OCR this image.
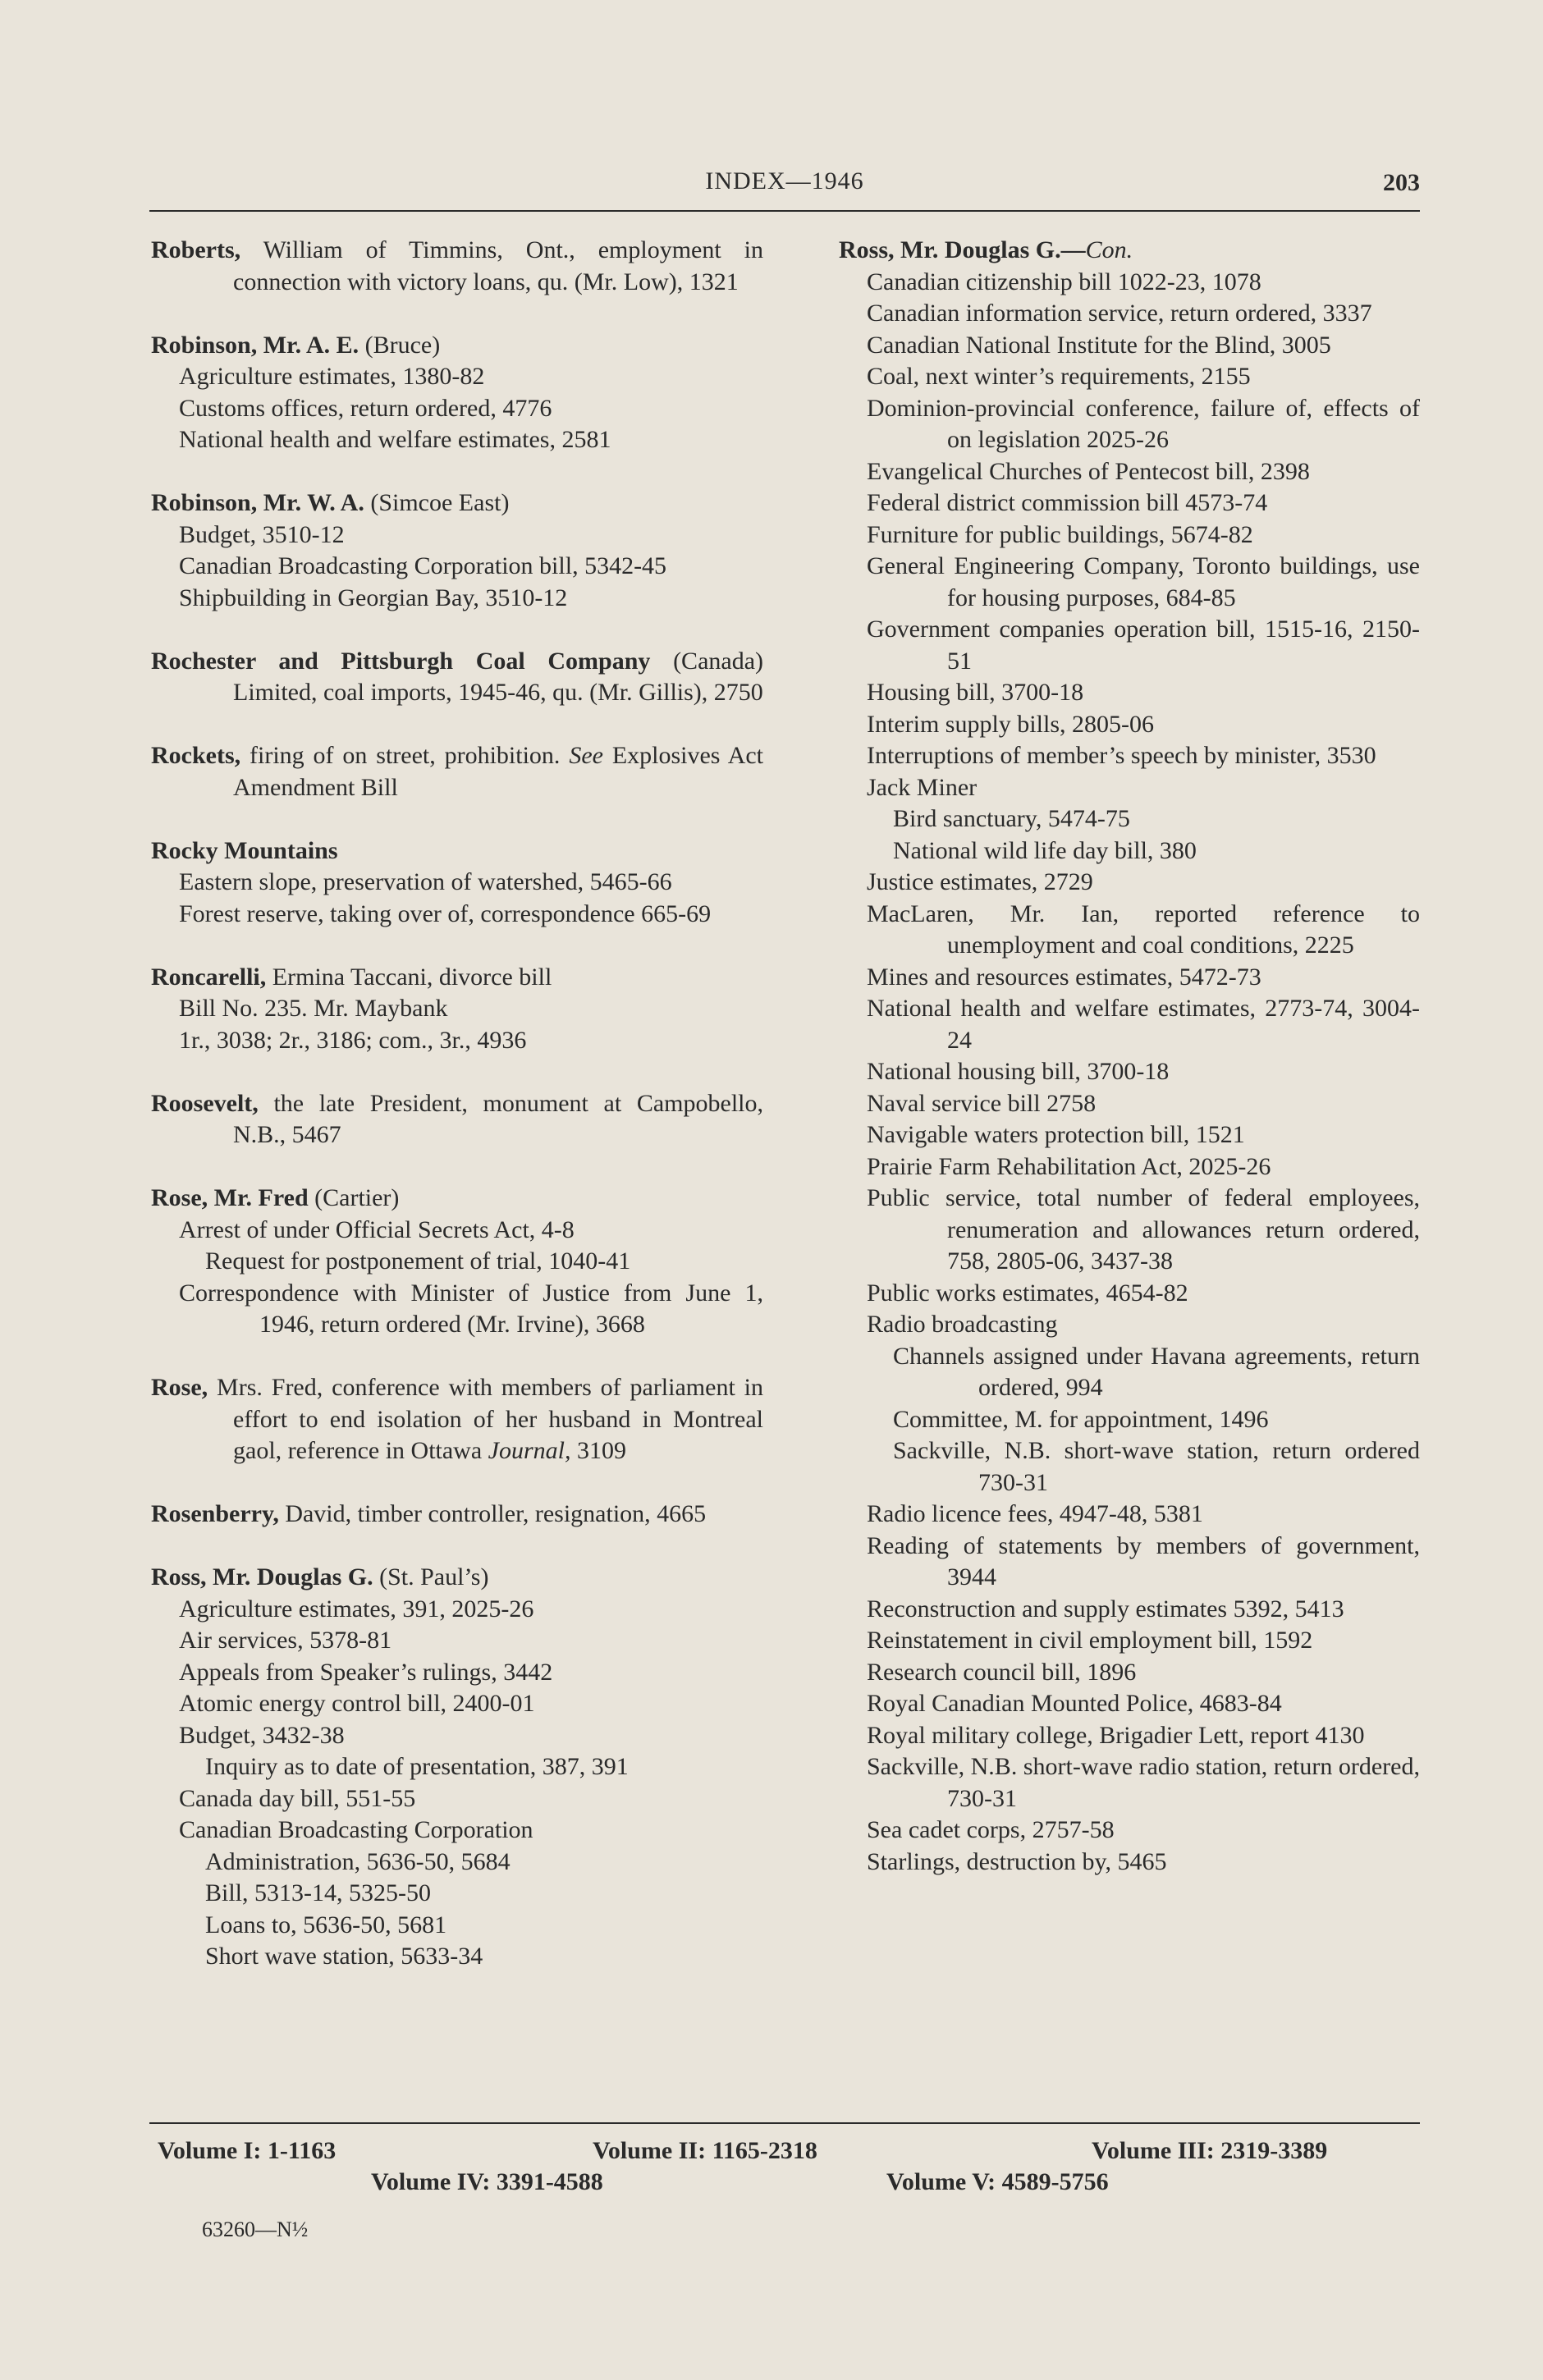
INDEX—1946	203
Roberts, William of Timmins, Ont., employment in connection with victory loans, qu. (Mr. Low), 1321
Robinson, Mr. A. E. (Bruce)
Agriculture estimates, 1380-82
Customs offices, return ordered, 4776
National health and welfare estimates, 2581
Robinson, Mr. W. A. (Simcoe East)
Budget, 3510-12
Canadian Broadcasting Corporation bill, 5342-45
Shipbuilding in Georgian Bay, 3510-12
Rochester and Pittsburgh Coal Company (Canada) Limited, coal imports, 1945-46, qu. (Mr. Gillis), 2750
Rockets, firing of on street, prohibition. See Explosives Act Amendment Bill
Rocky Mountains
Eastern slope, preservation of watershed, 5465-66
Forest reserve, taking over of, correspondence 665-69
Roncarelli, Ermina Taccani, divorce bill
Bill No. 235. Mr. Maybank
1r., 3038; 2r., 3186; com., 3r., 4936
Roosevelt, the late President, monument at Campobello, N.B., 5467
Rose, Mr. Fred (Cartier)
Arrest of under Official Secrets Act, 4-8
Request for postponement of trial, 1040-41
Correspondence with Minister of Justice from June 1, 1946, return ordered (Mr. Irvine), 3668
Rose, Mrs. Fred, conference with members of parliament in effort to end isolation of her husband in Montreal gaol, reference in Ottawa Journal, 3109
Rosenberry, David, timber controller, resignation, 4665
Ross, Mr. Douglas G. (St. Paul’s)
Agriculture estimates, 391, 2025-26
Air services, 5378-81
Appeals from Speaker’s rulings, 3442
Atomic energy control bill, 2400-01
Budget, 3432-38
Inquiry as to date of presentation, 387, 391
Canada day bill, 551-55
Canadian Broadcasting Corporation
Administration, 5636-50, 5684
Bill, 5313-14, 5325-50
Loans to, 5636-50, 5681
Short wave station, 5633-34
Ross, Mr. Douglas G.—Con.
Canadian citizenship bill 1022-23, 1078
Canadian information service, return ordered, 3337
Canadian National Institute for the Blind, 3005
Coal, next winter’s requirements, 2155
Dominion-provincial conference, failure of, effects of on legislation 2025-26
Evangelical Churches of Pentecost bill, 2398
Federal district commission bill 4573-74
Furniture for public buildings, 5674-82
General Engineering Company, Toronto buildings, use for housing purposes, 684-85
Government companies operation bill, 1515-16, 2150-51
Housing bill, 3700-18
Interim supply bills, 2805-06
Interruptions of member’s speech by minister, 3530
Jack Miner
Bird sanctuary, 5474-75
National wild life day bill, 380
Justice estimates, 2729
MacLaren, Mr. Ian, reported reference to unemployment and coal conditions, 2225
Mines and resources estimates, 5472-73
National health and welfare estimates, 2773-74, 3004-24
National housing bill, 3700-18
Naval service bill 2758
Navigable waters protection bill, 1521
Prairie Farm Rehabilitation Act, 2025-26
Public service, total number of federal employees, renumeration and allowances return ordered, 758, 2805-06, 3437-38
Public works estimates, 4654-82
Radio broadcasting
Channels assigned under Havana agreements, return ordered, 994
Committee, M. for appointment, 1496
Sackville, N.B. short-wave station, return ordered 730-31
Radio licence fees, 4947-48, 5381
Reading of statements by members of government, 3944
Reconstruction and supply estimates 5392, 5413
Reinstatement in civil employment bill, 1592
Research council bill, 1896
Royal Canadian Mounted Police, 4683-84
Royal military college, Brigadier Lett, report 4130
Sackville, N.B. short-wave radio station, return ordered, 730-31
Sea cadet corps, 2757-58
Starlings, destruction by, 5465
Volume I: 1-1163	Volume II: 1165-2318	Volume III: 2319-3389
Volume IV: 3391-4588	Volume V: 4589-5756
63260—N½
